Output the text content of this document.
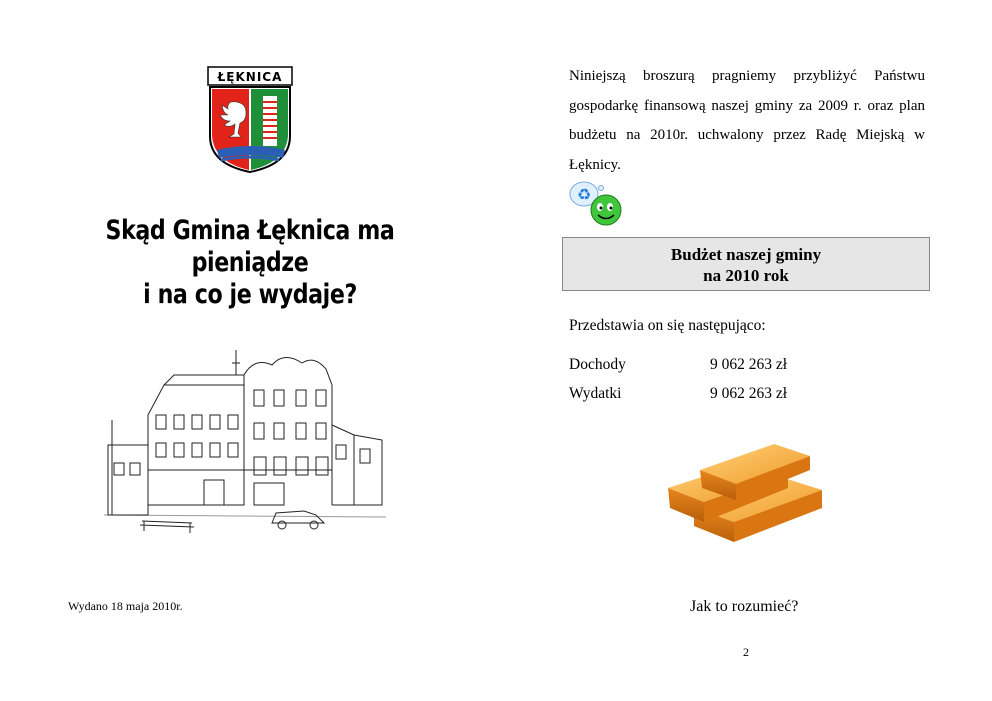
ŁĘKNICA
Skąd Gmina Łęknica ma
pieniądze
i na co je wydaje?
Wydano 18 maja 2010r.
Niniejszą broszurą pragniemy przybliżyć Państwu gospodarkę finansową naszej gminy za 2009 r. oraz plan budżetu na 2010r. uchwalony przez Radę Miejską w Łęknicy.
♻
Budżet naszej gminy
na 2010 rok
Przedstawia on się następująco:
Dochody	9 062 263 zł
Wydatki	9 062 263 zł
Jak to rozumieć?
2
